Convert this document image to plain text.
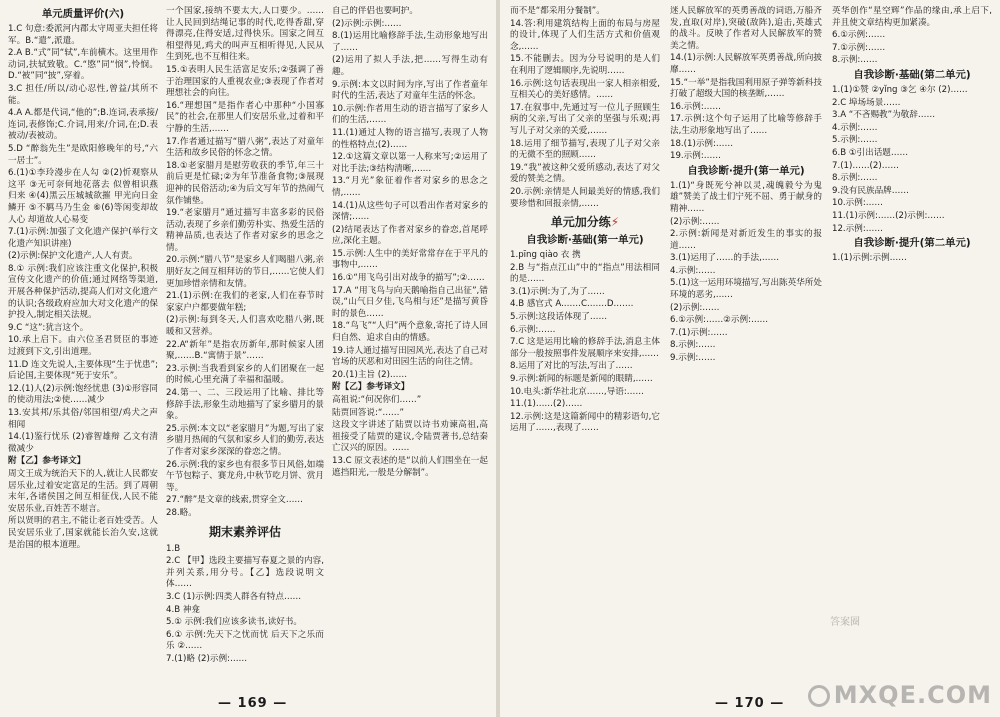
单元质量评价(六)

1.C 句意:委派河内郡太守周亚夫担任将军。B.“遣”,派遣。

2.A B.“式”同“轼”,车前横木。这里用作动词,扶轼致敬。C.“愍”同“悯”,怜悯。D.“被”同“披”,穿着。

3.C 担任/所以/动心忍性,曾益/其所不能。

4.A A.都是代词,“他的”;B.连词,表承接/连词,表修饰;C.介词,用来/介词,在;D.表被动/表被动。

5.D “醉翁先生”是欧阳修晚年的号,“六一居士”。

6.(1)①李玲漫步在人勾 ②(2)忻观察从这平 ③无可奈何地花落去 似曾相识燕归来 ④(4)黑云压城城欲摧 甲光向日金鳞开 ⑤不羁马乃生金 ⑥(6)等闲变却故人心 却道故人心易变

7.(1)示例:加强了文化遗产保护(举行文化遗产知识讲座)

(2)示例:保护文化遗产,人人有责。

8.① 示例:我们应该注重文化保护,积极宣传文化遗产的价值;通过网络等渠道,开展各种保护活动,提高人们对文化遗产的认识;各级政府应加大对文化遗产的保护投入,制定相关法规。

9.C “这”:犹言这个。

10.承上启下。由六位圣君贤臣的事迹过渡到下文,引出道理。

11.D 连文先说人,主要体现“生于忧患”;后论国,主要体现“死于安乐”。

12.(1)人(2)示例:饱经忧患 (3)①形容同的使动用法;②使……减少

13.安其邦/乐其俗/邻国相望/鸡犬之声相闻

14.(1)鉴行忧乐 (2)睿智雄辩 乙文有清微减少

附【乙】参考译文】

周文王成为统治天下的人,就让人民都安居乐业,过着安定富足的生活。到了周朝末年,各诸侯国之间互相征伐,人民不能安居乐业,百姓苦不堪言。

所以贤明的君主,不能让老百姓受苦。人民安居乐业了,国家就能长治久安,这就是治国的根本道理。

一个国家,接纳不要太大,人口要少。……让人民回到结绳记事的时代,吃得香甜,穿得漂亮,住得安适,过得快乐。国家之间互相望得见,鸡犬的叫声互相听得见,人民从生到死,也不互相往来。

15.①表明人民生活富足安乐;②强调了善于治理国家的人重视农业;③表现了作者对理想社会的向往。

16.“理想国”是指作者心中那种“小国寡民”的社会,在那里人们安居乐业,过着和平宁静的生活,……

17.作者通过描写“腊八粥”,表达了对童年生活和故乡民俗的怀念之情。

18.①老家腊月是慰劳收获的季节,年三十前后更是忙碌;②为年节准备食物;③展现迎神的民俗活动;④为后文写年节的热闹气氛作铺垫。

19.“老家腊月”通过描写丰富多彩的民俗活动,表现了乡亲们勤劳朴实、热爱生活的精神品质,也表达了作者对家乡的思念之情。

20.示例:“腊八节”是家乡人们喝腊八粥,亲朋好友之间互相拜访的节日,……它使人们更加珍惜亲情和友情。

21.(1)示例:在我们的老家,人们在春节时家家户户都要做年糕;

(2)示例:每到冬天,人们喜欢吃腊八粥,既暖和又营养。

22.A“新年”是指农历新年,那时候家人团聚,……B.“寓情于景”……

23.示例:当我看到家乡的人们团聚在一起的时候,心里充满了幸福和温暖。

24.第一、二、三段运用了比喻、排比等修辞手法,形象生动地描写了家乡腊月的景象。

25.示例:本文以“老家腊月”为题,写出了家乡腊月热闹的气氛和家乡人们的勤劳,表达了作者对家乡深深的眷恋之情。

26.示例:我的家乡也有很多节日风俗,如端午节包粽子、赛龙舟,中秋节吃月饼、赏月等。

27.“醉”是文章的线索,贯穿全文……

28.略。

期末素养评估

1.B

2.C 【甲】选段主要描写春夏之景的内容,并列关系,用分号。【乙】选段说明文体……

3.C (1)示例:四类人群各有特点……

4.B 神龛

5.① 示例:我们应该多读书,读好书。

6.① 示例:先天下之忧而忧 后天下之乐而乐 ②……

7.(1)略 (2)示例:……

自己的伴侣也要呵护。

(2)示例:示例:……

8.(1)运用比喻修辞手法,生动形象地写出了……

(2)运用了拟人手法,把……写得生动有趣。

9.示例:本文以时间为序,写出了作者童年时代的生活,表达了对童年生活的怀念。

10.示例:作者用生动的语言描写了家乡人们的生活,……

11.(1)通过人物的语言描写,表现了人物的性格特点;(2)……

12.①这篇文章以第一人称来写;②运用了对比手法;③结构清晰,……

13.“月光”象征着作者对家乡的思念之情,……

14.(1)从这些句子可以看出作者对家乡的深情;……

(2)结尾表达了作者对家乡的眷恋,首尾呼应,深化主题。

15.示例:人生中的美好常常存在于平凡的事物中,……

16.①“用飞鸟引出对战争的描写”;②……

17.A “用飞鸟与向天鹅喻指自己出征”,错误,“山气日夕佳,飞鸟相与还”是描写黄昏时的景色……

18.“鸟飞”“人归”两个意象,寄托了诗人回归自然、追求自由的情感。

19.诗人通过描写田园风光,表达了自己对官场的厌恶和对田园生活的向往之情。

20.(1)主旨 (2)……

附【乙】参考译文】

高祖说:“何况你们……”

陆贾回答说:“……”

这段文字讲述了陆贾以诗书劝谏高祖,高祖接受了陆贾的建议,令陆贾著书,总结秦亡汉兴的原因。……

13.C 原文表述的是“以前人们围坐在一起遮挡阳光,一般是分解制”。

— 169 —

而不是“都采用分餐制”。

14.答:利用建筑结构上面的布局与房屋的设计,体现了人们生活方式和价值观念,……

15.不能删去。因为分号说明的是人们在利用了逻辑顺序,先说明……

16.示例:这句话表现出一家人相亲相爱,互相关心的美好感情。……

17.在叙事中,先通过写一位儿子照顾生病的父亲,写出了父亲的坚强与乐观;再写儿子对父亲的关爱,……

18.运用了细节描写,表现了儿子对父亲的无微不至的照顾……

19.“我”被这种父爱所感动,表达了对父爱的赞美之情。

20.示例:亲情是人间最美好的情感,我们要珍惜和回报亲情,……

单元加分练⚡
自我诊断·基础(第一单元)

1.pīng qiào 衣 携

2.B 与“指点江山”中的“指点”用法相同的是……

3.(1)示例:为了,为了……

4.B 感官式 A.……C.……D.……

5.示例:这段话体现了……

6.示例:……

7.C 这是运用比喻的修辞手法,消息主体部分一般按照事件发展顺序来安排,……

8.运用了对比的写法,写出了……

9.示例:新闻的标题是新闻的眼睛,……

10.电头:新华社北京……,导语:……

11.(1)……(2)……

12.示例:这是这篇新闻中的精彩语句,它运用了……,表现了……

迷人民解放军的英勇善战的词语,万船齐发,直取(对岸),突破(敌阵),追击,英雄式的战斗。反映了作者对人民解放军的赞美之情。

14.(1)示例:人民解放军英勇善战,所向披靡……

15.“一举”是指我国利用原子弹等新科技打破了超级大国的核垄断,……

16.示例:……

17.示例:这个句子运用了比喻等修辞手法,生动形象地写出了……

18.(1)示例:……

19.示例:……

自我诊断·提升(第一单元)

1.(1)“身既死兮神以灵,魂魄毅兮为鬼雄”赞美了战士们宁死不屈、勇于献身的精神……

(2)示例:……

2.示例:新闻是对新近发生的事实的报道……

3.(1)运用了……的手法,……

4.示例:……

5.(1)这一运用环境描写,写出陈英华所处环境的恶劣,……

(2)示例:……

6.①示例:……②示例:……

7.(1)示例:……

8.示例:……

9.示例:……

英华创作“星空辉”作品的缘由,承上启下,并且使文章结构更加紧凑。

6.①示例:……

7.①示例:……

8.示例:……

自我诊断·基础(第二单元)

1.(1)①赞 ②yǐng ③乞 ④尔 (2)……

2.C 埠场场景……

3.A “不吝赐教”为敬辞……

4.示例:……

5.示例:……

6.B ①引出话题……

7.(1)……(2)……

8.示例:……

9.没有民族品牌……

10.示例:……

11.(1)示例:……(2)示例:……

12.示例:……

自我诊断·提升(第二单元)

1.(1)示例:示例……

— 170 —
答案圈
MXQE.COM
